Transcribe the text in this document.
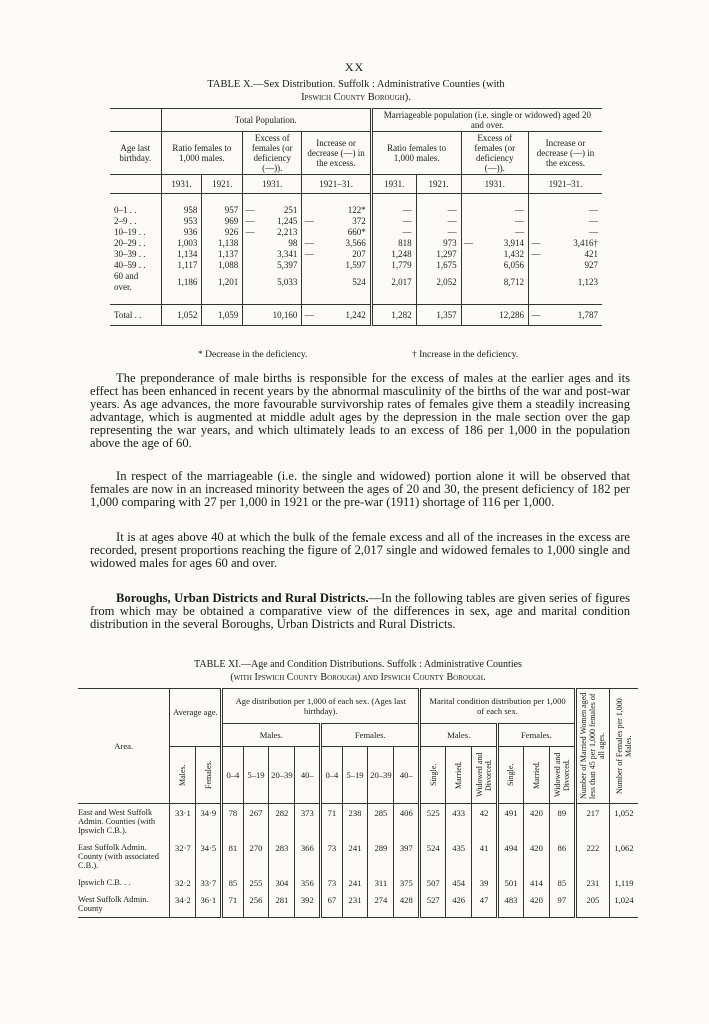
XX
TABLE X.—Sex Distribution. Suffolk : Administrative Counties (with
Ipswich County Borough).
	Total Population.						Marriageable population (i.e. single or widowed) aged 20 and over.					
Age last birthday.	Ratio females to 1,000 males.		Excess of females (or deficiency (—)).		Increase or decrease (—) in the excess.		Ratio females to 1,000 males.		Excess of females (or deficiency (—)).		Increase or decrease (—) in the excess.	
	1931.	1921.	1931.		1921–31.		1931.	1921.	1931.		1921–31.	

0–1 . .	958	957	—	251		122*	—	—		—		—
2–9 . .	953	969	—	1,245	—	372	—	—		—		—
10–19 . .	936	926	—	2,213		660*	—	—		—		—
20–29 . .	1,003	1,138		98	—	3,566	818	973	—	3,914	—	3,416†
30–39 . .	1,134	1,137		3,341	—	207	1,248	1,297		1,432	—	421
40–59 . .	1,117	1,088		5,397		1,597	1,779	1,675		6,056		927
60 and over.	1,186	1,201		5,033		524	2,017	2,052		8,712		1,123

Total . .	1,052	1,059		10,160	—	1,242	1,282	1,357		12,286	—	1,787
* Decrease in the deficiency.	† Increase in the deficiency.

The preponderance of male births is responsible for the excess of males at the earlier ages and its effect has been enhanced in recent years by the abnormal masculinity of the births of the war and post-war years. As age advances, the more favourable survivorship rates of females give them a steadily increasing advantage, which is augmented at middle adult ages by the depression in the male section over the gap representing the war years, and which ultimately leads to an excess of 186 per 1,000 in the population above the age of 60.

In respect of the marriageable (i.e. the single and widowed) portion alone it will be observed that females are now in an increased minority between the ages of 20 and 30, the present deficiency of 182 per 1,000 comparing with 27 per 1,000 in 1921 or the pre-war (1911) shortage of 116 per 1,000.

It is at ages above 40 at which the bulk of the female excess and all of the increases in the excess are recorded, present proportions reaching the figure of 2,017 single and widowed females to 1,000 single and widowed males for ages 60 and over.

Boroughs, Urban Districts and Rural Districts.—In the following tables are given series of figures from which may be obtained a comparative view of the differences in sex, age and marital condition distribution in the several Boroughs, Urban Districts and Rural Districts.

TABLE XI.—Age and Condition Distributions. Suffolk : Administrative Counties
(with Ipswich County Borough) and Ipswich County Borough.
Area.	Average age.		Age distribution per 1,000 of each sex. (Ages last birthday).								Marital condition distribution per 1,000 of each sex.						Number of Married Women aged less than 45 per 1,000 females of all ages.	Number of Females per 1,000 Males.

			Males.				Females.				Males.			Females.				

	Males.	Females.	0–4	5–19	20–39	40–	0–4	5–19	20–39	40–	Single.	Married.	Widowed and Divorced.	Single.	Married.	Widowed and Divorced.		

East and West Suffolk Admin. Counties (with Ipswich C.B.).	33·1	34·9	78	267	282	373	71	238	285	406	525	433	42	491	420	89	217	1,052
East Suffolk Admin. County (with associated C.B.).	32·7	34·5	81	270	283	366	73	241	289	397	524	435	41	494	420	86	222	1,062
Ipswich C.B. . .	32·2	33·7	85	255	304	356	73	241	311	375	507	454	39	501	414	85	231	1,119
West Suffolk Admin. County	34·2	36·1	71	256	281	392	67	231	274	428	527	426	47	483	420	97	205	1,024
